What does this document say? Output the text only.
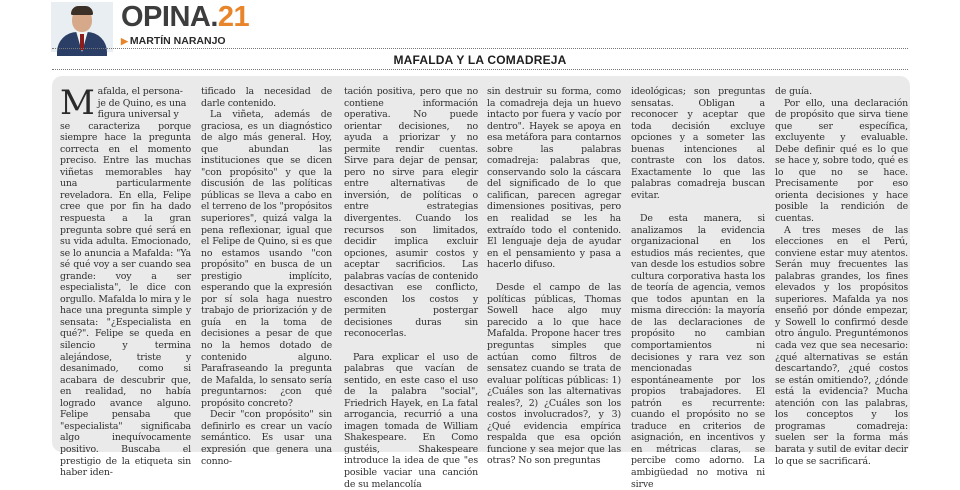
OPINA.21
▶ MARTÍN NARANJO
MAFALDA Y LA COMADREJA

Mafalda, el persona-
je de Quino, es una
figura universal y
se caracteriza porque siempre hace la pregunta correcta en el momento preciso. Entre las muchas viñetas memorables hay una particularmente reveladora. En ella, Felipe cree que por fin ha dado respuesta a la gran pregunta sobre qué será en su vida adulta. Emocionado, se lo anuncia a Mafalda: "Ya sé qué voy a ser cuando sea grande: voy a ser especialista", le dice con orgullo. Mafalda lo mira y le hace una pregunta simple y sensata: "¿Especialista en qué?". Felipe se queda en silencio y termina alejándose, triste y desanimado, como si acabara de descubrir que, en realidad, no había logrado avance alguno. Felipe pensaba que "especialista" significaba algo inequívocamente positivo. Buscaba el prestigio de la etiqueta sin haber iden-

tificado la necesidad de darle contenido.

La viñeta, además de graciosa, es un diagnóstico de algo más general. Hoy, que abundan las instituciones que se dicen "con propósito" y que la discusión de las políticas públicas se lleva a cabo en el terreno de los "propósitos superiores", quizá valga la pena reflexionar, igual que el Felipe de Quino, si es que no estamos usando "con propósito" en busca de un prestigio implícito, esperando que la expresión por sí sola haga nuestro trabajo de priorización y de guía en la toma de decisiones a pesar de que no la hemos dotado de contenido alguno. Parafraseando la pregunta de Mafalda, lo sensato sería preguntarnos: ¿con qué propósito concreto?

Decir "con propósito" sin definirlo es crear un vacío semántico. Es usar una expresión que genera una conno-

tación positiva, pero que no contiene información operativa. No puede orientar decisiones, no ayuda a priorizar y no permite rendir cuentas. Sirve para dejar de pensar, pero no sirve para elegir entre alternativas de inversión, de políticas o entre estrategias divergentes. Cuando los recursos son limitados, decidir implica excluir opciones, asumir costos y aceptar sacrificios. Las palabras vacías de contenido desactivan ese conflicto, esconden los costos y permiten postergar decisiones duras sin reconocerlas.

Para explicar el uso de palabras que vacían de sentido, en este caso el uso de la palabra "social", Friedrich Hayek, en La fatal arrogancia, recurrió a una imagen tomada de William Shakespeare. En Como gustéis, Shakespeare introduce la idea de que "es posible vaciar una canción de su melancolía

sin destruir su forma, como la comadreja deja un huevo intacto por fuera y vacío por dentro". Hayek se apoya en esa metáfora para contarnos sobre las palabras comadreja: palabras que, conservando solo la cáscara del significado de lo que califican, parecen agregar dimensiones positivas, pero en realidad se les ha extraído todo el contenido. El lenguaje deja de ayudar en el pensamiento y pasa a hacerlo difuso.

Desde el campo de las políticas públicas, Thomas Sowell hace algo muy parecido a lo que hace Mafalda. Propone hacer tres preguntas simples que actúan como filtros de sensatez cuando se trata de evaluar políticas públicas: 1) ¿Cuáles son las alternativas reales?, 2) ¿Cuáles son los costos involucrados?, y 3) ¿Qué evidencia empírica respalda que esa opción funcione y sea mejor que las otras? No son preguntas

ideológicas; son preguntas sensatas. Obligan a reconocer y aceptar que toda decisión excluye opciones y a someter las buenas intenciones al contraste con los datos. Exactamente lo que las palabras comadreja buscan evitar.

De esta manera, si analizamos la evidencia organizacional en los estudios más recientes, que van desde los estudios sobre cultura corporativa hasta los de teoría de agencia, vemos que todos apuntan en la misma dirección: la mayoría de las declaraciones de propósito no cambian comportamientos ni decisiones y rara vez son mencionadas espontáneamente por los propios trabajadores. El patrón es recurrente: cuando el propósito no se traduce en criterios de asignación, en incentivos y en métricas claras, se percibe como adorno. La ambigüedad no motiva ni sirve

de guía.

Por ello, una declaración de propósito que sirva tiene que ser específica, excluyente y evaluable. Debe definir qué es lo que se hace y, sobre todo, qué es lo que no se hace. Precisamente por eso orienta decisiones y hace posible la rendición de cuentas.

A tres meses de las elecciones en el Perú, conviene estar muy atentos. Serán muy frecuentes las palabras grandes, los fines elevados y los propósitos superiores. Mafalda ya nos enseñó por dónde empezar, y Sowell lo confirmó desde otro ángulo. Preguntémonos cada vez que sea necesario: ¿qué alternativas se están descartando?, ¿qué costos se están omitiendo?, ¿dónde está la evidencia? Mucha atención con las palabras, los conceptos y los programas comadreja: suelen ser la forma más barata y sutil de evitar decir lo que se sacrificará.
